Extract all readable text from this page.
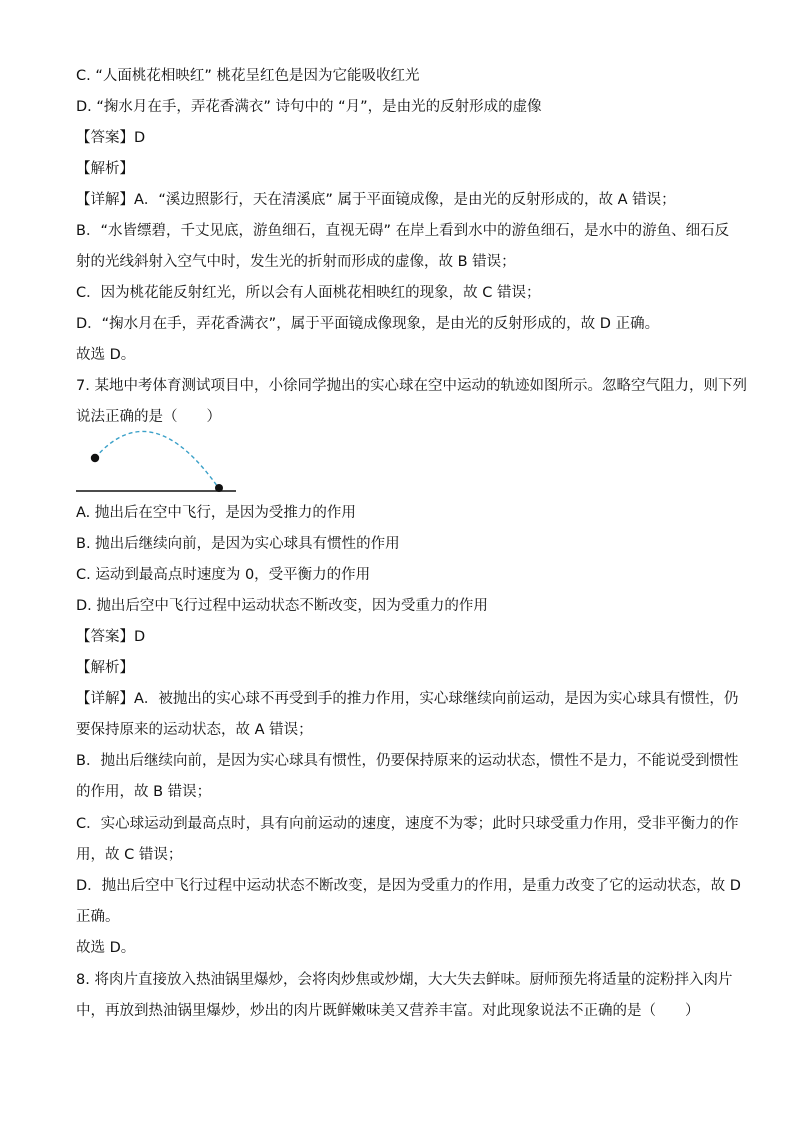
C. “人面桃花相映红” 桃花呈红色是因为它能吸收红光
D. “掬水月在手，弄花香满衣” 诗句中的 “月”，是由光的反射形成的虚像
【答案】D
【解析】
【详解】A．“溪边照影行，天在清溪底” 属于平面镜成像，是由光的反射形成的，故 A 错误；
B．“水皆缥碧，千丈见底，游鱼细石，直视无碍” 在岸上看到水中的游鱼细石，是水中的游鱼、细石反
射的光线斜射入空气中时，发生光的折射而形成的虚像，故 B 错误；
C．因为桃花能反射红光，所以会有人面桃花相映红的现象，故 C 错误；
D．“掬水月在手，弄花香满衣”，属于平面镜成像现象，是由光的反射形成的，故 D 正确。
故选 D。
7. 某地中考体育测试项目中，小徐同学抛出的实心球在空中运动的轨迹如图所示。忽略空气阻力，则下列
说法正确的是（　　）
A. 抛出后在空中飞行，是因为受推力的作用
B. 抛出后继续向前，是因为实心球具有惯性的作用
C. 运动到最高点时速度为 0，受平衡力的作用
D. 抛出后空中飞行过程中运动状态不断改变，因为受重力的作用
【答案】D
【解析】
【详解】A．被抛出的实心球不再受到手的推力作用，实心球继续向前运动，是因为实心球具有惯性，仍
要保持原来的运动状态，故 A 错误；
B．抛出后继续向前，是因为实心球具有惯性，仍要保持原来的运动状态，惯性不是力，不能说受到惯性
的作用，故 B 错误；
C．实心球运动到最高点时，具有向前运动的速度，速度不为零；此时只球受重力作用，受非平衡力的作
用，故 C 错误；
D．抛出后空中飞行过程中运动状态不断改变，是因为受重力的作用，是重力改变了它的运动状态，故 D
正确。
故选 D。
8. 将肉片直接放入热油锅里爆炒，会将肉炒焦或炒煳，大大失去鲜味。厨师预先将适量的淀粉拌入肉片
中，再放到热油锅里爆炒，炒出的肉片既鲜嫩味美又营养丰富。对此现象说法不正确的是（　　）
